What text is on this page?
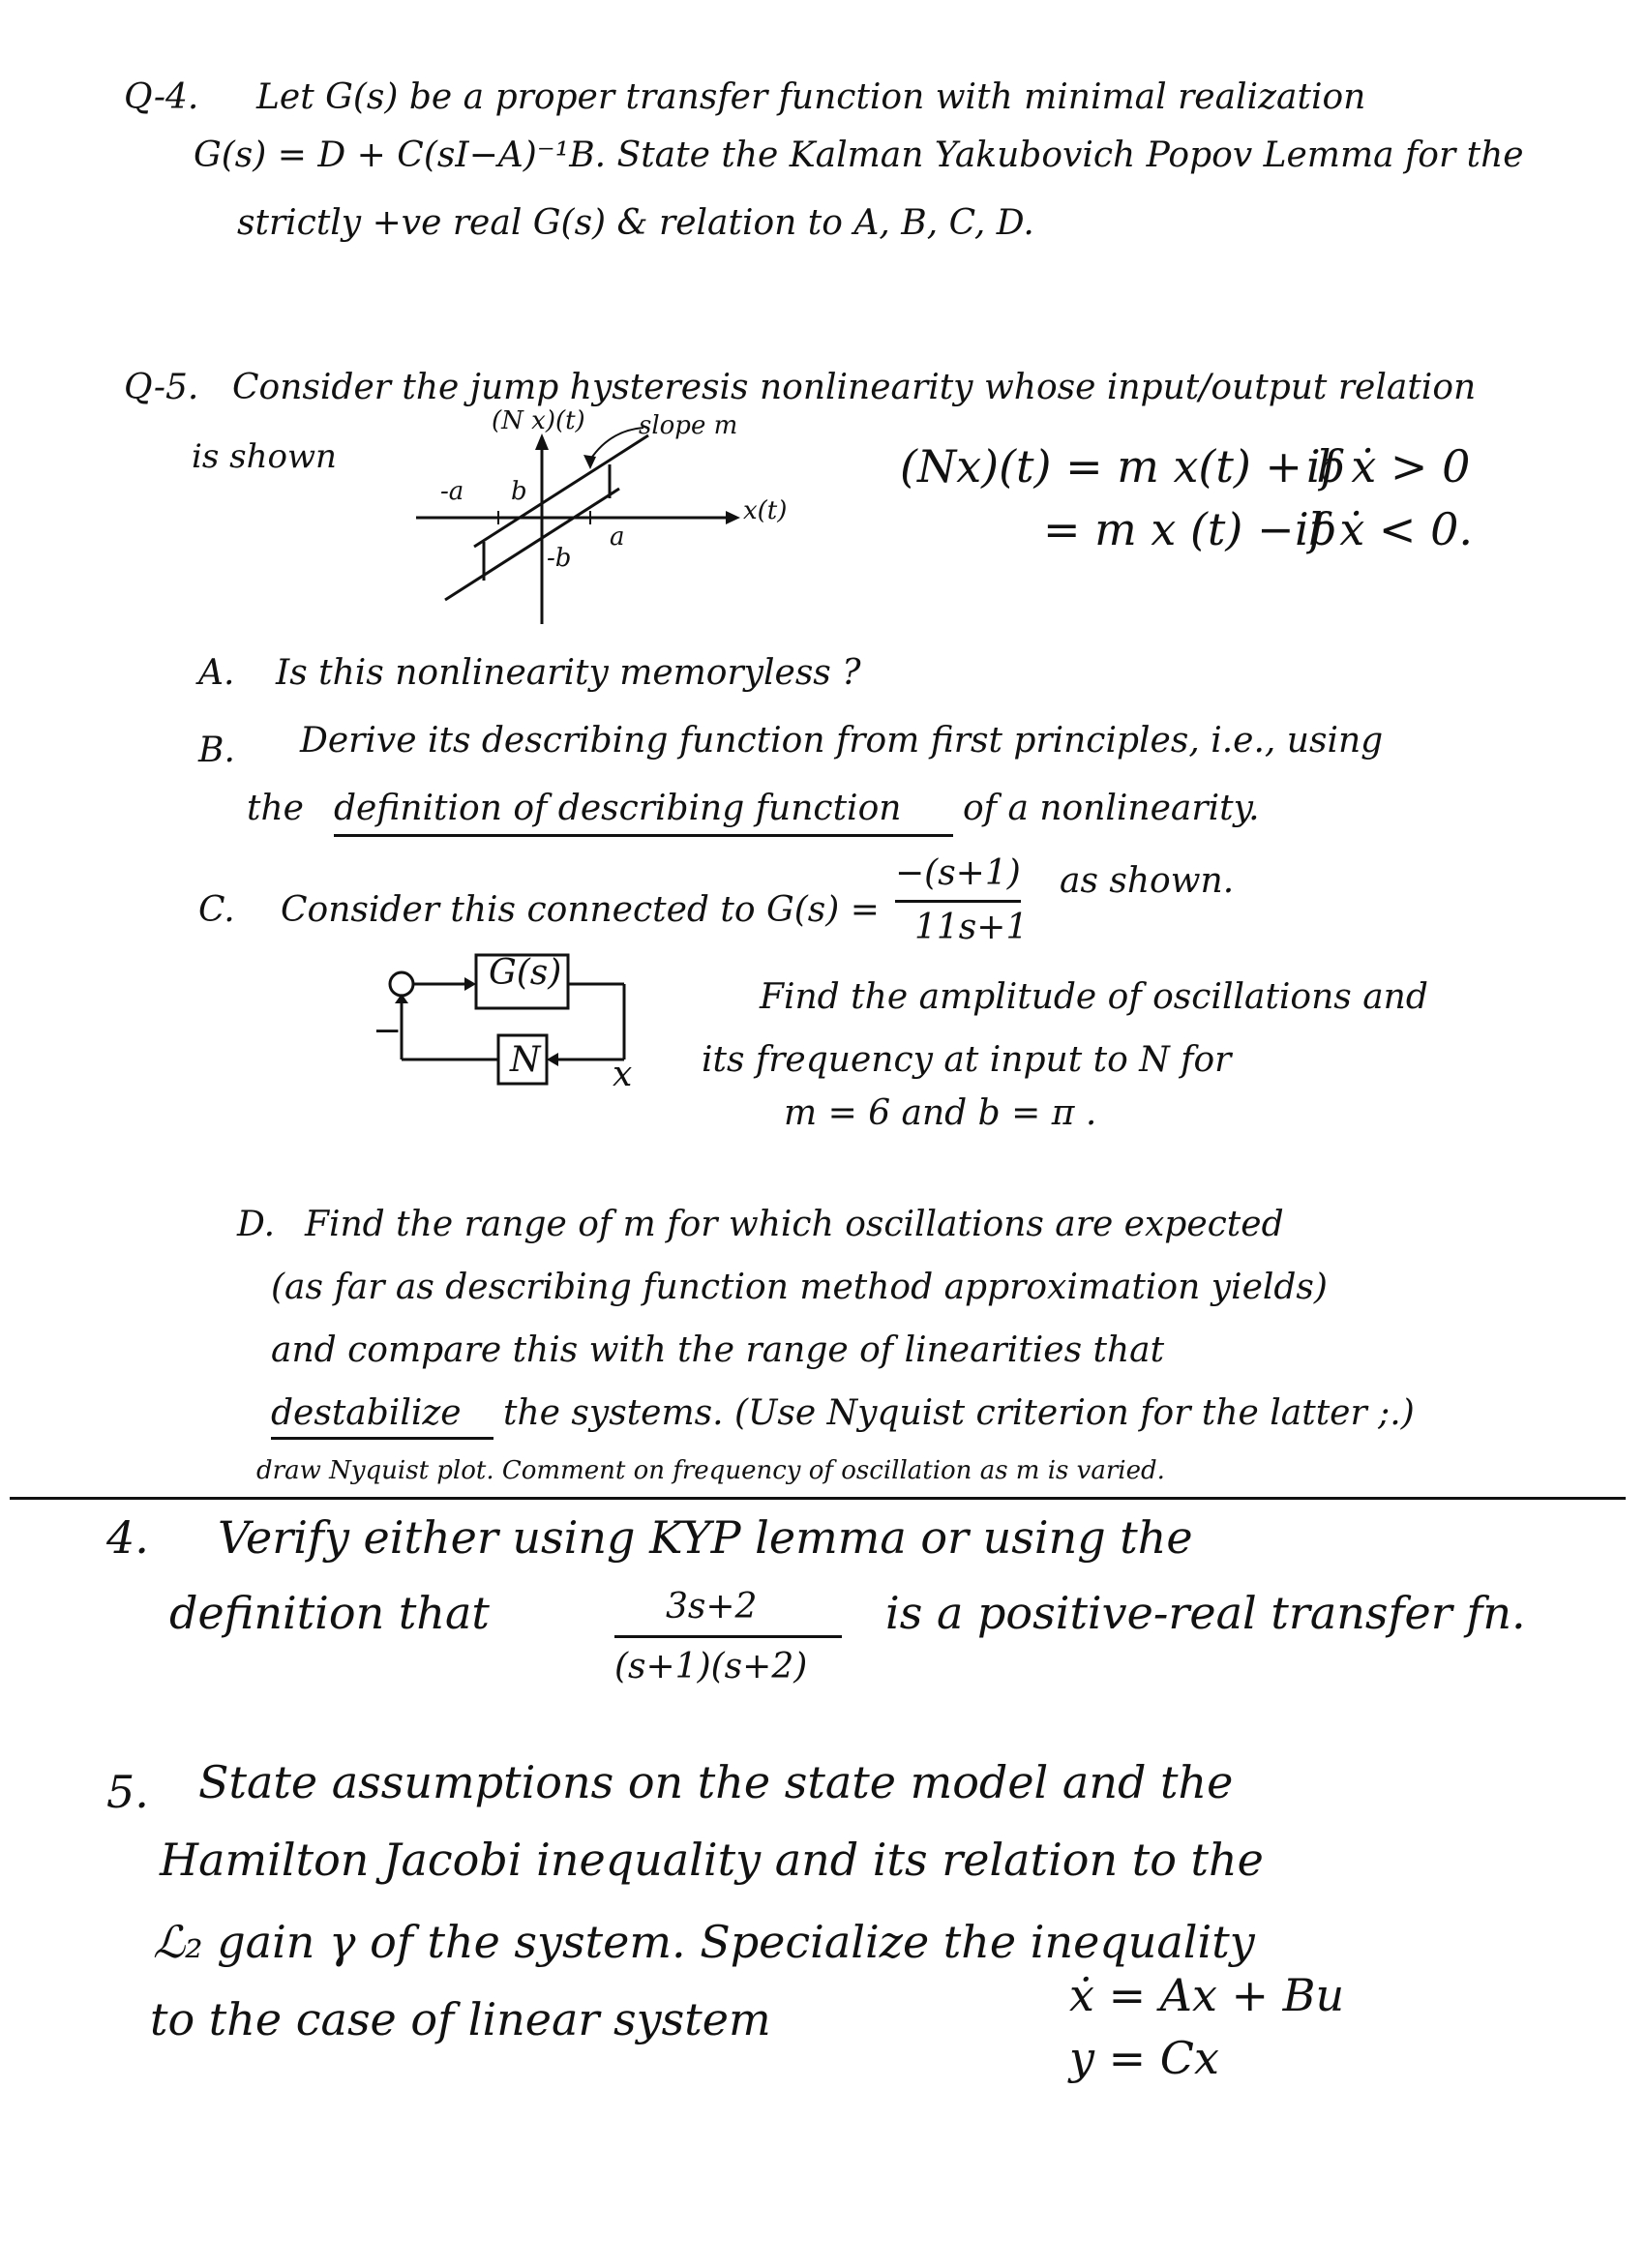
Q-4. Let G(s) be a proper transfer function with minimal realization
G(s) = D + C(sI−A)⁻¹B. State the Kalman Yakubovich Popov Lemma for the
strictly +ve real G(s) & relation to A, B, C, D.
Q-5. Consider the jump hysteresis nonlinearity whose input/output relation
is shown
(N x)(t) slope m
x(t)
-a
a
b
-b
(Nx)(t) = m x(t) + b
if ẋ > 0
= m x (t) − b
if ẋ < 0.
A. Is this nonlinearity memoryless ?
B. Derive its describing function from first principles, i.e., using
the definition of describing function of a nonlinearity.
C. Consider this connected to G(s) =
−(s+1)
11s+1
as shown.
G(s)
N x
−
Find the amplitude of oscillations and
its frequency at input to N for
m = 6 and b = π .
D. Find the range of m for which oscillations are expected
(as far as describing function method approximation yields)
and compare this with the range of linearities that
destabilize the systems. (Use Nyquist criterion for the latter ;.)
draw Nyquist plot. Comment on frequency of oscillation as m is varied.
4. Verify either using KYP lemma or using the
definition that	3s+2
(s+1)(s+2)
is a positive-real transfer fn.
5. State assumptions on the state model and the
Hamilton Jacobi inequality and its relation to the
ℒ₂ gain γ of the system. Specialize the inequality
to the case of linear system	ẋ = Ax + Bu
y = Cx
